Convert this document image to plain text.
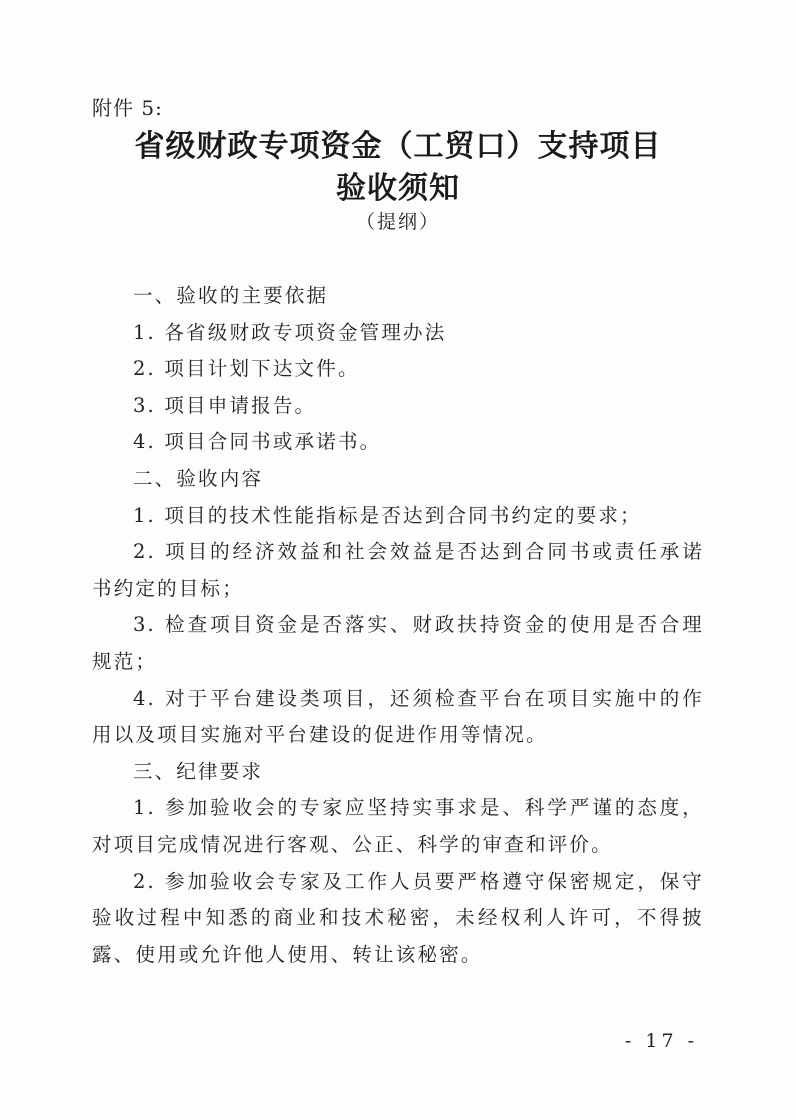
附件 5:
省级财政专项资金（工贸口）支持项目
验收须知
（提纲）

一、验收的主要依据

1. 各省级财政专项资金管理办法

2. 项目计划下达文件。

3. 项目申请报告。

4. 项目合同书或承诺书。

二、验收内容

1. 项目的技术性能指标是否达到合同书约定的要求；

2. 项目的经济效益和社会效益是否达到合同书或责任承诺书约定的目标；

3. 检查项目资金是否落实、财政扶持资金的使用是否合理规范；

4. 对于平台建设类项目，还须检查平台在项目实施中的作用以及项目实施对平台建设的促进作用等情况。

三、纪律要求

1. 参加验收会的专家应坚持实事求是、科学严谨的态度，对项目完成情况进行客观、公正、科学的审查和评价。

2. 参加验收会专家及工作人员要严格遵守保密规定，保守验收过程中知悉的商业和技术秘密，未经权利人许可，不得披露、使用或允许他人使用、转让该秘密。

- 17 -
